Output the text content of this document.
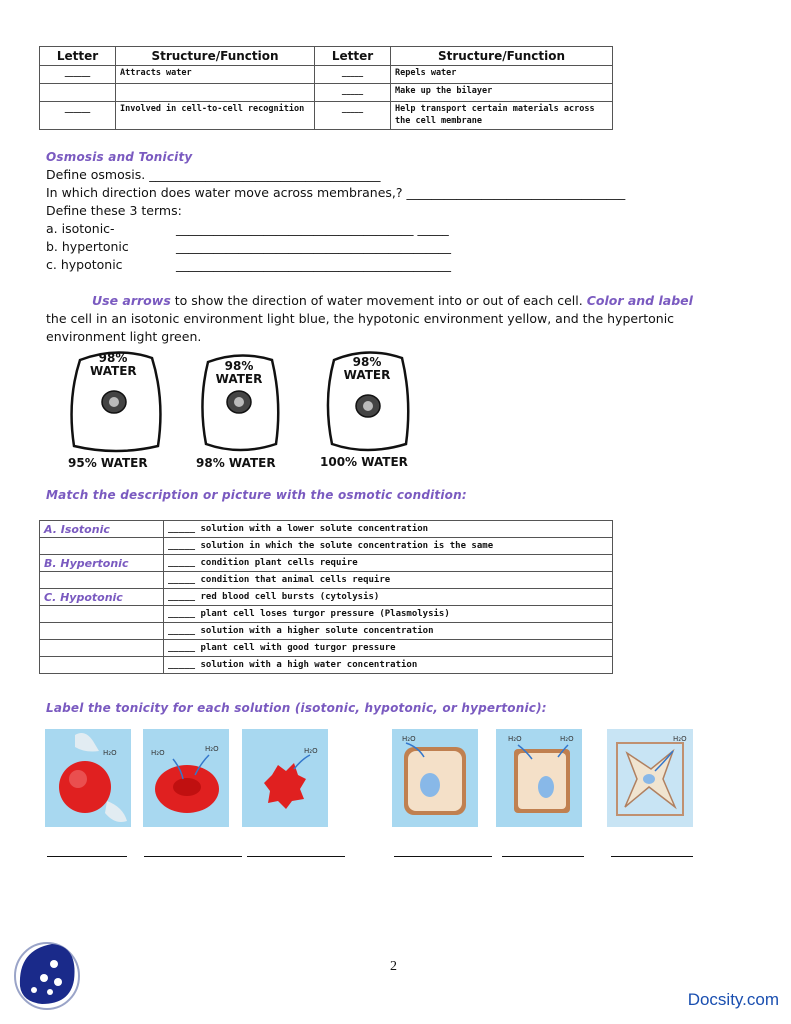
Letter	Structure/Function	Letter	Structure/Function
______	Attracts water	_____	Repels water
		_____	Make up the bilayer
______	Involved in cell-to-cell recognition	_____	Help transport certain materials across the cell membrane
Osmosis and Tonicity
Define osmosis. _____________________________________
In which direction does water move across membranes,? ___________________________________
Define these 3 terms:
a. isotonic-	______________________________________ _____
b. hypertonic	____________________________________________
c. hypotonic	____________________________________________
Use arrows to show the direction of water movement into or out of each cell. Color and label the cell in an isotonic environment light blue, the hypotonic environment yellow, and the hypertonic environment light green.
98% WATER
95% WATER
98% WATER
98% WATER
98% WATER
100% WATER
Match the description or picture with the osmotic condition:
A. Isotonic	_____ solution with a lower solute concentration
	_____ solution in which the solute concentration is the same
B. Hypertonic	_____ condition plant cells require
	_____ condition that animal cells require
C. Hypotonic	_____ red blood cell bursts (cytolysis)
	_____ plant cell loses turgor pressure (Plasmolysis)
	_____ solution with a higher solute concentration
	_____ plant cell with good turgor pressure
	_____ solution with a high water concentration
Label the tonicity for each solution (isotonic, hypotonic, or hypertonic):
H₂O	H₂O	H₂O	H₂O
H₂O	H₂O	H₂O	H₂O
2
Docsity.com
